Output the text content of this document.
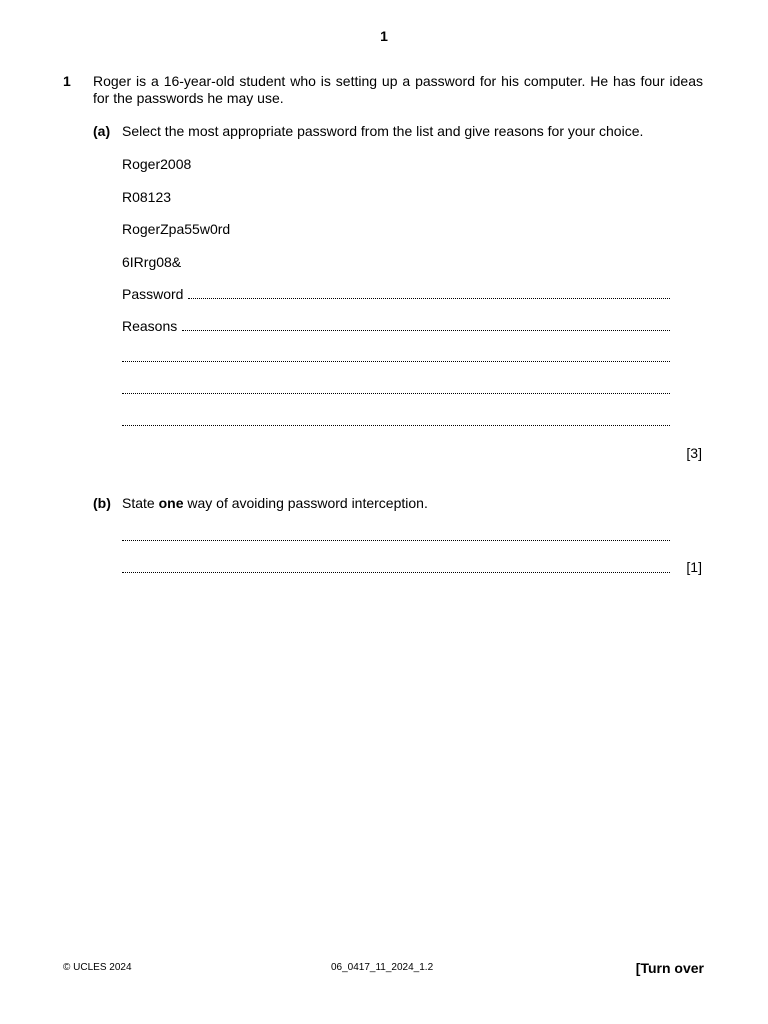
1
1 Roger is a 16-year-old student who is setting up a password for his computer. He has four ideas for the passwords he may use.
(a) Select the most appropriate password from the list and give reasons for your choice.
Roger2008
R08123
RogerZpa55w0rd
6IRrg08&
Password
Reasons
[3]
(b) State one way of avoiding password interception.
[1]
© UCLES 2024	06_0417_11_2024_1.2	[Turn over
